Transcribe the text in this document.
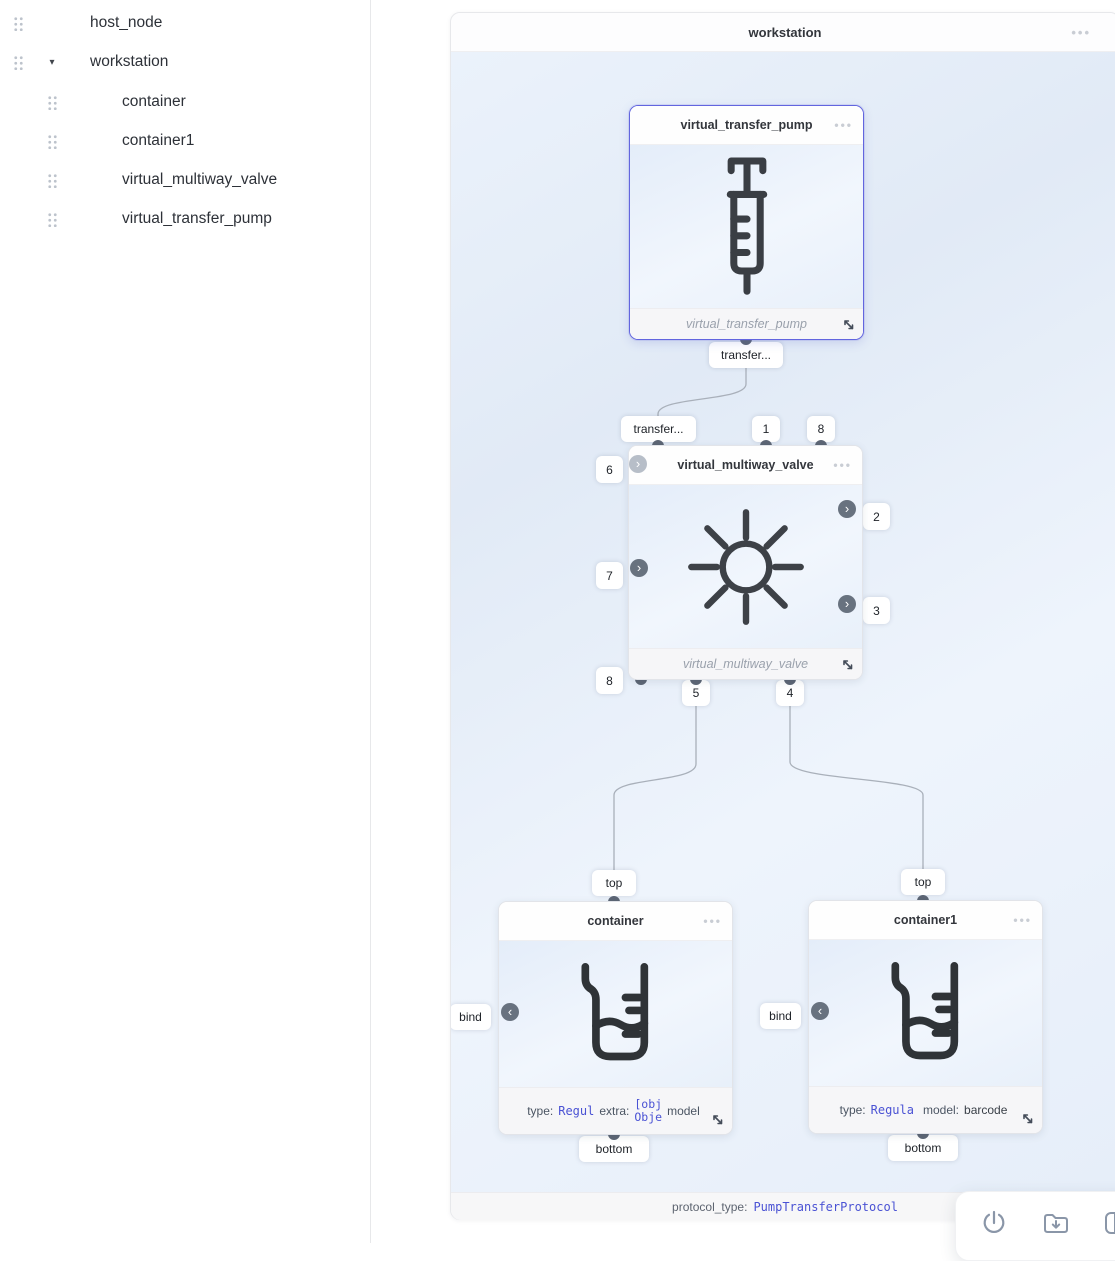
host_node
▾ workstation
container
container1
virtual_multiway_valve
virtual_transfer_pump
workstation	•••
transfer...
transfer...	1	8
6
7
8
2
3
5	4
top	top
bind	bind
bottom	bottom
virtual_transfer_pump •••
virtual_transfer_pump
virtual_multiway_valve •••
virtual_multiway_valve
container	•••
type: Regul extra: [obj
Obje model
container1	•••
type: Regula model: barcode
›
›
›
›
‹	‹
protocol_type: PumpTransferProtocol
